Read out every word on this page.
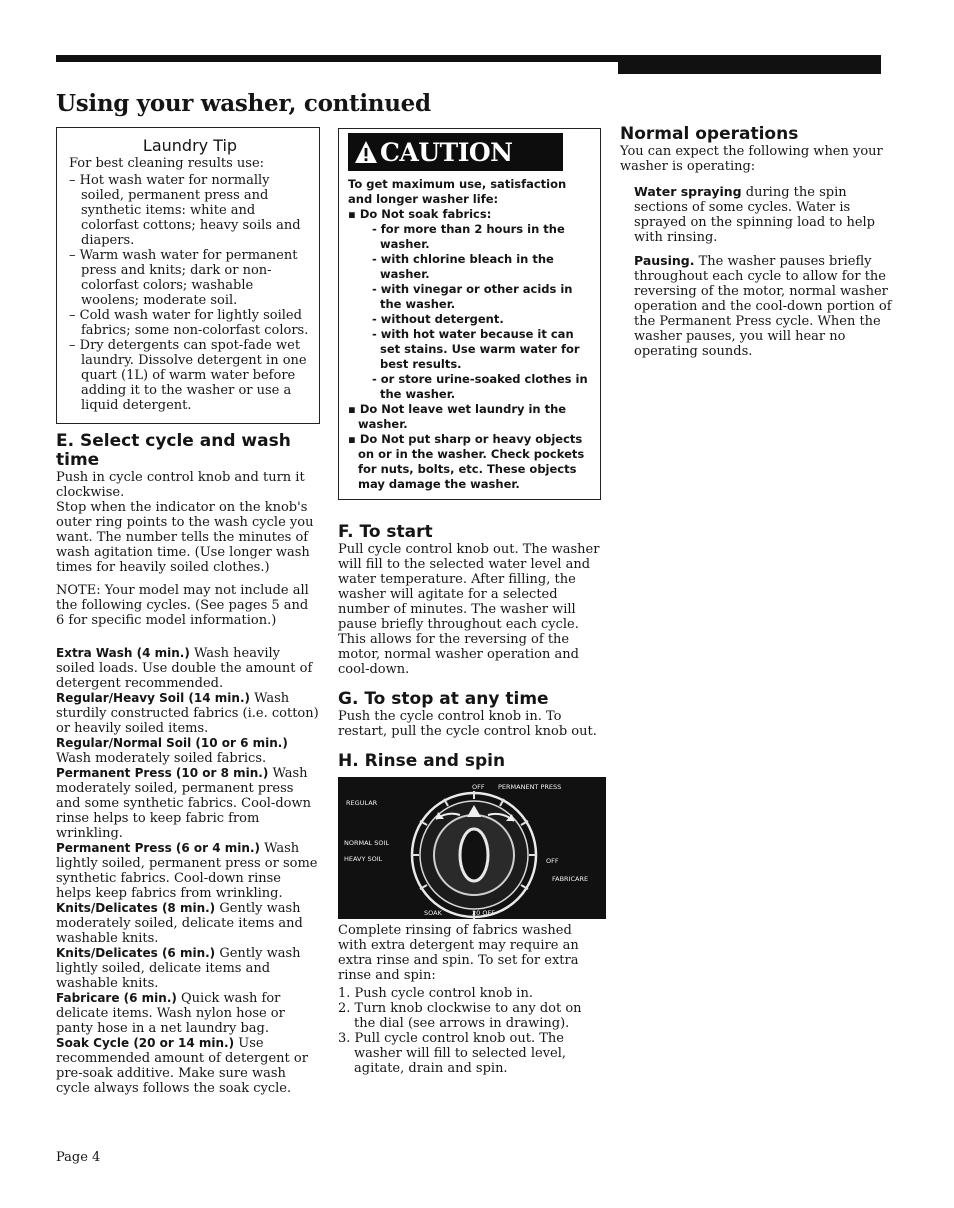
Using your washer, continued

Laundry Tip

For best cleaning results use:

– Hot wash water for normally soiled, permanent press and synthetic items: white and colorfast cottons; heavy soils and diapers.
– Warm wash water for permanent press and knits; dark or non-colorfast colors; washable woolens; moderate soil.
– Cold wash water for lightly soiled fabrics; some non-colorfast colors.
– Dry detergents can spot-fade wet laundry. Dissolve detergent in one quart (1L) of warm water before adding it to the washer or use a liquid detergent.
E. Select cycle and wash time

Push in cycle control knob and turn it clockwise.

Stop when the indicator on the knob's outer ring points to the wash cycle you want. The number tells the minutes of wash agitation time. (Use longer wash times for heavily soiled clothes.)

NOTE: Your model may not include all the following cycles. (See pages 5 and 6 for specific model information.)

Extra Wash (4 min.) Wash heavily soiled loads. Use double the amount of detergent recommended.

Regular/Heavy Soil (14 min.) Wash sturdily constructed fabrics (i.e. cotton) or heavily soiled items.

Regular/Normal Soil (10 or 6 min.) Wash moderately soiled fabrics.

Permanent Press (10 or 8 min.) Wash moderately soiled, permanent press and some synthetic fabrics. Cool-down rinse helps to keep fabric from wrinkling.

Permanent Press (6 or 4 min.) Wash lightly soiled, permanent press or some synthetic fabrics. Cool-down rinse helps keep fabrics from wrinkling.

Knits/Delicates (8 min.) Gently wash moderately soiled, delicate items and washable knits.

Knits/Delicates (6 min.) Gently wash lightly soiled, delicate items and washable knits.

Fabricare (6 min.) Quick wash for delicate items. Wash nylon hose or panty hose in a net laundry bag.

Soak Cycle (20 or 14 min.) Use recommended amount of detergent or pre-soak additive. Make sure wash cycle always follows the soak cycle.

CAUTION

To get maximum use, satisfaction and longer washer life:

▪ Do Not soak fabrics:
- for more than 2 hours in the washer.
- with chlorine bleach in the washer.
- with vinegar or other acids in the washer.
- without detergent.
- with hot water because it can set stains. Use warm water for best results.
- or store urine-soaked clothes in the washer.
▪ Do Not leave wet laundry in the washer.
▪ Do Not put sharp or heavy objects on or in the washer. Check pockets for nuts, bolts, etc. These objects may damage the washer.
F. To start

Pull cycle control knob out. The washer will fill to the selected water level and water temperature. After filling, the washer will agitate for a selected number of minutes. The washer will pause briefly throughout each cycle. This allows for the reversing of the motor, normal washer operation and cool-down.

G. To stop at any time

Push the cycle control knob in. To restart, pull the cycle control knob out.

H. Rinse and spin
OFF PERMANENT PRESS
REGULAR
NORMAL SOIL
HEAVY SOIL	OFF
FABRICARE
SOAK	20 OFF

Complete rinsing of fabrics washed with extra detergent may require an extra rinse and spin. To set for extra rinse and spin:

1. Push cycle control knob in.
2. Turn knob clockwise to any dot on the dial (see arrows in drawing).
3. Pull cycle control knob out. The washer will fill to selected level, agitate, drain and spin.
Normal operations

You can expect the following when your washer is operating:

Water spraying during the spin sections of some cycles. Water is sprayed on the spinning load to help with rinsing.

Pausing. The washer pauses briefly throughout each cycle to allow for the reversing of the motor, normal washer operation and the cool-down portion of the Permanent Press cycle. When the washer pauses, you will hear no operating sounds.

Page 4
